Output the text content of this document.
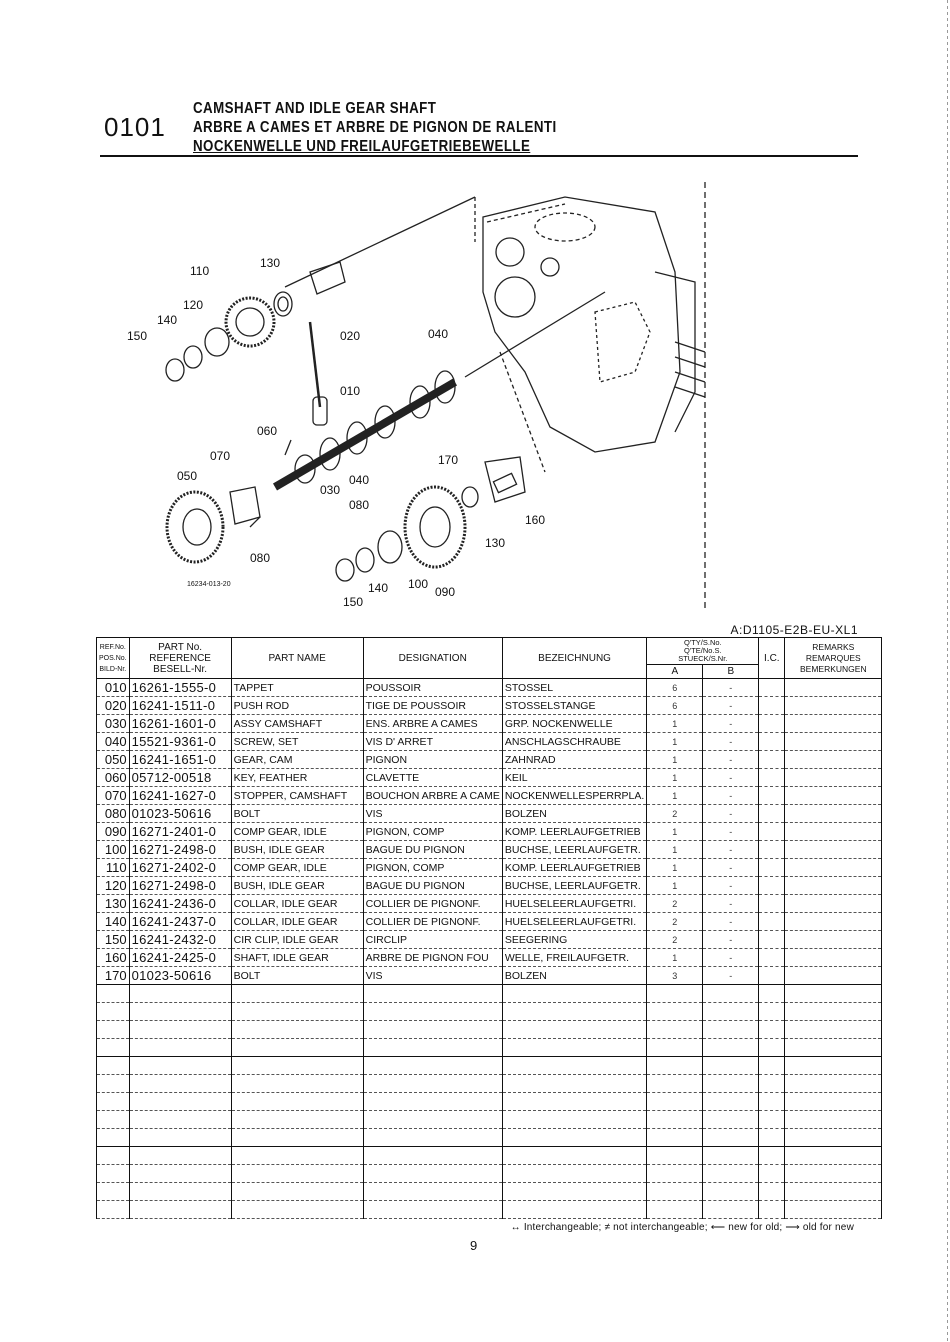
0101
CAMSHAFT AND IDLE GEAR SHAFT
ARBRE A CAMES ET ARBRE DE PIGNON DE RALENTI
NOCKENWELLE UND FREILAUFGETRIEBEWELLE
110
130
120
140
150	020	040
010
060
070
050	040
030
080
080
170
160
130
140 100
090
150
16234-013-20
A:D1105-E2B-EU-XL1
REF.No.
POS.No.
BILD-Nr.	PART No.
REFERENCE
BESELL-Nr.	PART NAME	DESIGNATION	BEZEICHNUNG	Q'TY/S.No.
Q'TE/No.S.
STUECK/S.Nr.		I.C.	REMARKS
REMARQUES
BEMERKUNGEN
					A	B		
010	16261-1555-0	TAPPET	POUSSOIR	STOSSEL	6	-		
020	16241-1511-0	PUSH ROD	TIGE DE POUSSOIR	STOSSELSTANGE	6	-		
030	16261-1601-0	ASSY CAMSHAFT	ENS. ARBRE A CAMES	GRP. NOCKENWELLE	1	-		
040	15521-9361-0	SCREW, SET	VIS D' ARRET	ANSCHLAGSCHRAUBE	1	-		
050	16241-1651-0	GEAR, CAM	PIGNON	ZAHNRAD	1	-		
060	05712-00518	KEY, FEATHER	CLAVETTE	KEIL	1	-		
070	16241-1627-0	STOPPER, CAMSHAFT	BOUCHON ARBRE A CAME	NOCKENWELLESPERRPLA.	1	-		
080	01023-50616	BOLT	VIS	BOLZEN	2	-		
090	16271-2401-0	COMP GEAR, IDLE	PIGNON, COMP	KOMP. LEERLAUFGETRIEB	1	-		
100	16271-2498-0	BUSH, IDLE GEAR	BAGUE DU PIGNON	BUCHSE, LEERLAUFGETR.	1	-		
110	16271-2402-0	COMP GEAR, IDLE	PIGNON, COMP	KOMP. LEERLAUFGETRIEB	1	-		
120	16271-2498-0	BUSH, IDLE GEAR	BAGUE DU PIGNON	BUCHSE, LEERLAUFGETR.	1	-		
130	16241-2436-0	COLLAR, IDLE GEAR	COLLIER DE PIGNONF.	HUELSELEERLAUFGETRI.	2	-		
140	16241-2437-0	COLLAR, IDLE GEAR	COLLIER DE PIGNONF.	HUELSELEERLAUFGETRI.	2	-		
150	16241-2432-0	CIR CLIP, IDLE GEAR	CIRCLIP	SEEGERING	2	-		
160	16241-2425-0	SHAFT, IDLE GEAR	ARBRE DE PIGNON FOU	WELLE, FREILAUFGETR.	1	-		
170	01023-50616	BOLT	VIS	BOLZEN	3	-		

↔ Interchangeable; ≠ not interchangeable; ⟵ new for old; ⟶ old for new
9
